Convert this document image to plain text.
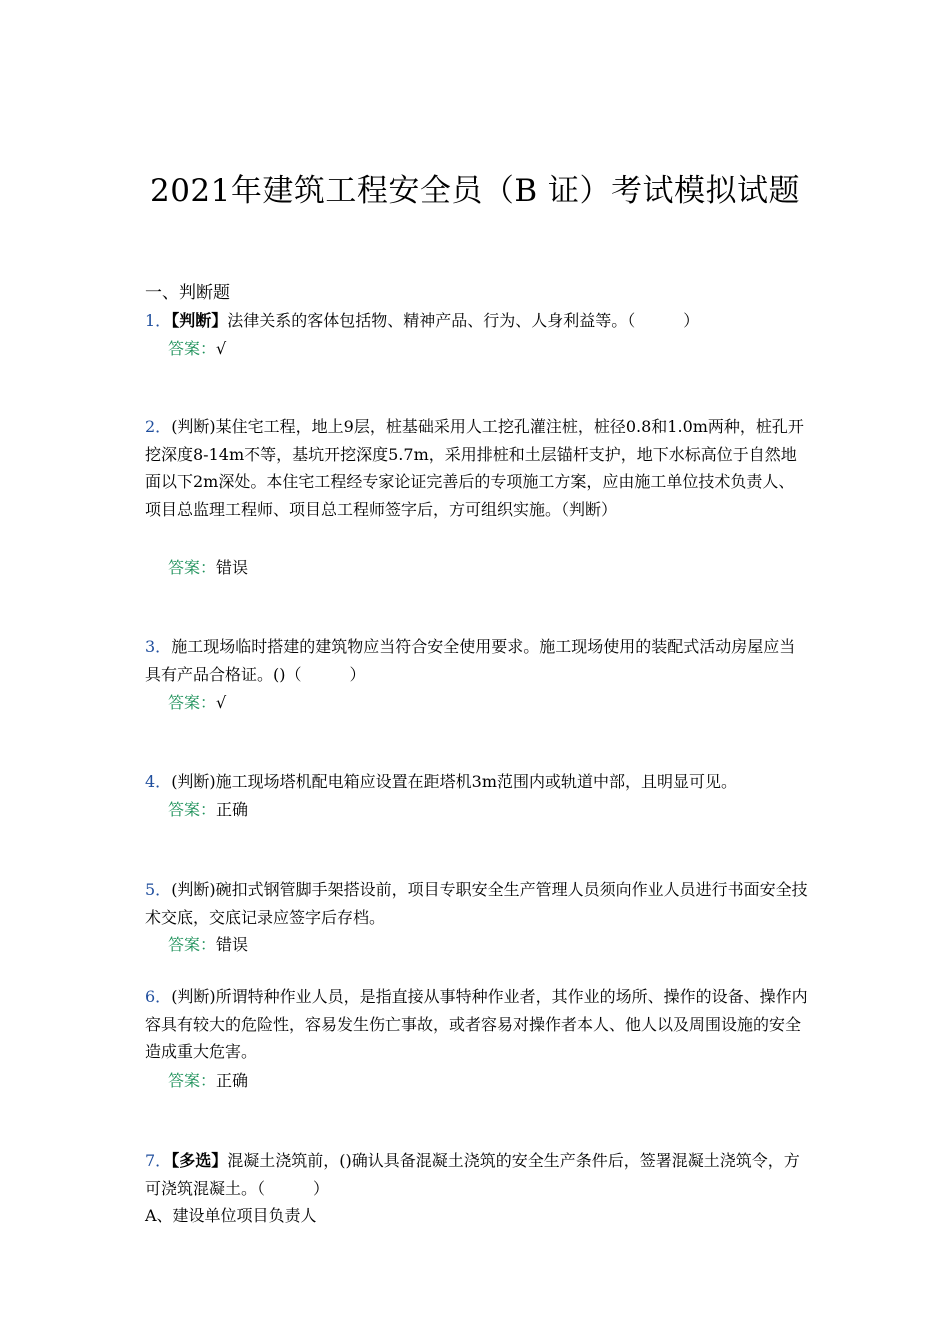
2021年建筑工程安全员（B 证）考试模拟试题
一、判断题
1．【判断】法律关系的客体包括物、精神产品、行为、人身利益等。（　　　）
答案：√
2．(判断)某住宅工程，地上9层，桩基础采用人工挖孔灌注桩，桩径0.8和1.0m两种，桩孔开挖深度8-14m不等，基坑开挖深度5.7m，采用排桩和土层锚杆支护，地下水标高位于自然地面以下2m深处。本住宅工程经专家论证完善后的专项施工方案，应由施工单位技术负责人、项目总监理工程师、项目总工程师签字后，方可组织实施。（判断）
答案：错误
3．施工现场临时搭建的建筑物应当符合安全使用要求。施工现场使用的装配式活动房屋应当具有产品合格证。()（　　　）
答案：√
4．(判断)施工现场塔机配电箱应设置在距塔机3m范围内或轨道中部，且明显可见。
答案：正确
5．(判断)碗扣式钢管脚手架搭设前，项目专职安全生产管理人员须向作业人员进行书面安全技术交底，交底记录应签字后存档。
答案：错误
6．(判断)所谓特种作业人员，是指直接从事特种作业者，其作业的场所、操作的设备、操作内容具有较大的危险性，容易发生伤亡事故，或者容易对操作者本人、他人以及周围设施的安全造成重大危害。
答案：正确
7．【多选】混凝土浇筑前，()确认具备混凝土浇筑的安全生产条件后，签署混凝土浇筑令，方可浇筑混凝土。（　　　）
A、建设单位项目负责人
